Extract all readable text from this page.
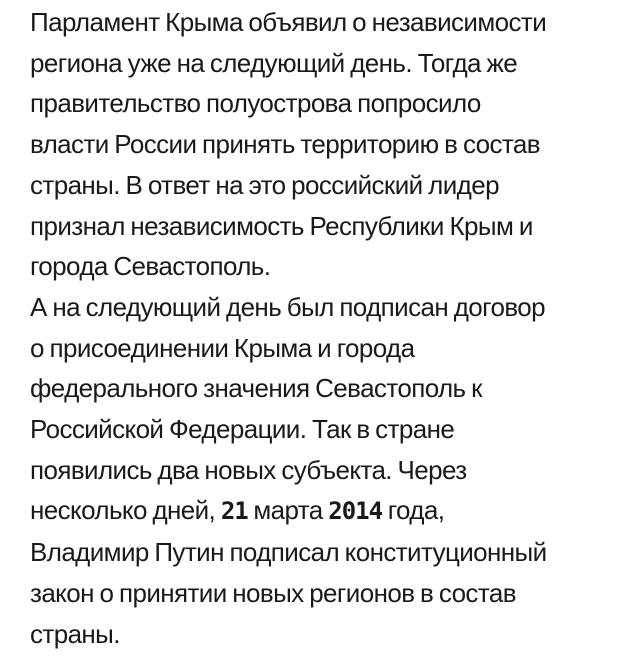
Парламент Крыма объявил о независимости
региона уже на следующий день. Тогда же
правительство полуострова попросило
власти России принять территорию в состав
страны. В ответ на это российский лидер
признал независимость Республики Крым и
города Севастополь.
А на следующий день был подписан договор
о присоединении Крыма и города
федерального значения Севастополь к
Российской Федерации. Так в стране
появились два новых субъекта. Через
несколько дней, 21 марта 2014 года,
Владимир Путин подписал конституционный
закон о принятии новых регионов в состав
страны.
